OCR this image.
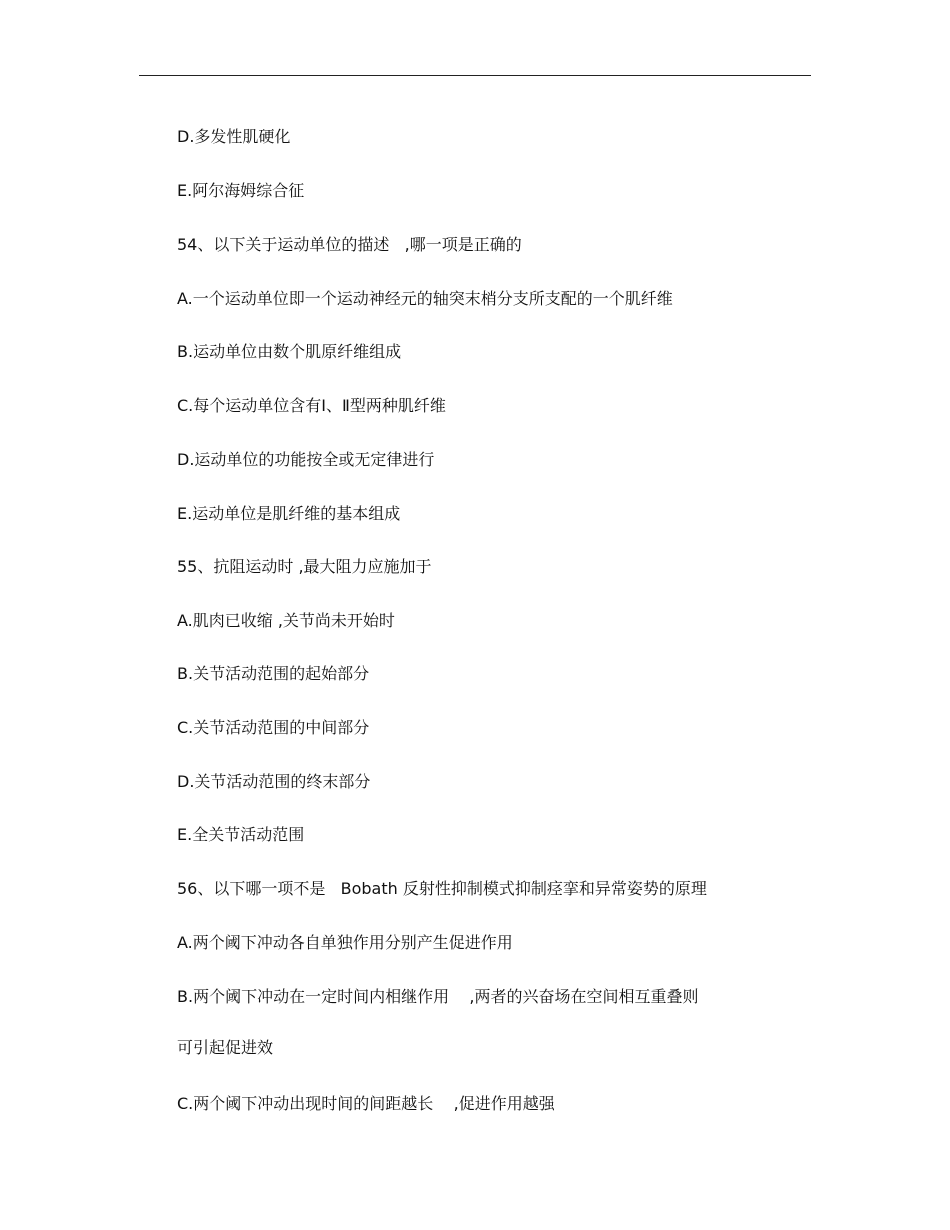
D.多发性肌硬化
E.阿尔海姆综合征
54、以下关于运动单位的描述   ,哪一项是正确的
A.一个运动单位即一个运动神经元的轴突末梢分支所支配的一个肌纤维
B.运动单位由数个肌原纤维组成
C.每个运动单位含有Ⅰ、Ⅱ型两种肌纤维
D.运动单位的功能按全或无定律进行
E.运动单位是肌纤维的基本组成
55、抗阻运动时 ,最大阻力应施加于
A.肌肉已收缩 ,关节尚未开始时
B.关节活动范围的起始部分
C.关节活动范围的中间部分
D.关节活动范围的终末部分
E.全关节活动范围
56、以下哪一项不是   Bobath 反射性抑制模式抑制痉挛和异常姿势的原理
A.两个阈下冲动各自单独作用分别产生促进作用
B.两个阈下冲动在一定时间内相继作用    ,两者的兴奋场在空间相互重叠则
可引起促进效
C.两个阈下冲动出现时间的间距越长    ,促进作用越强
